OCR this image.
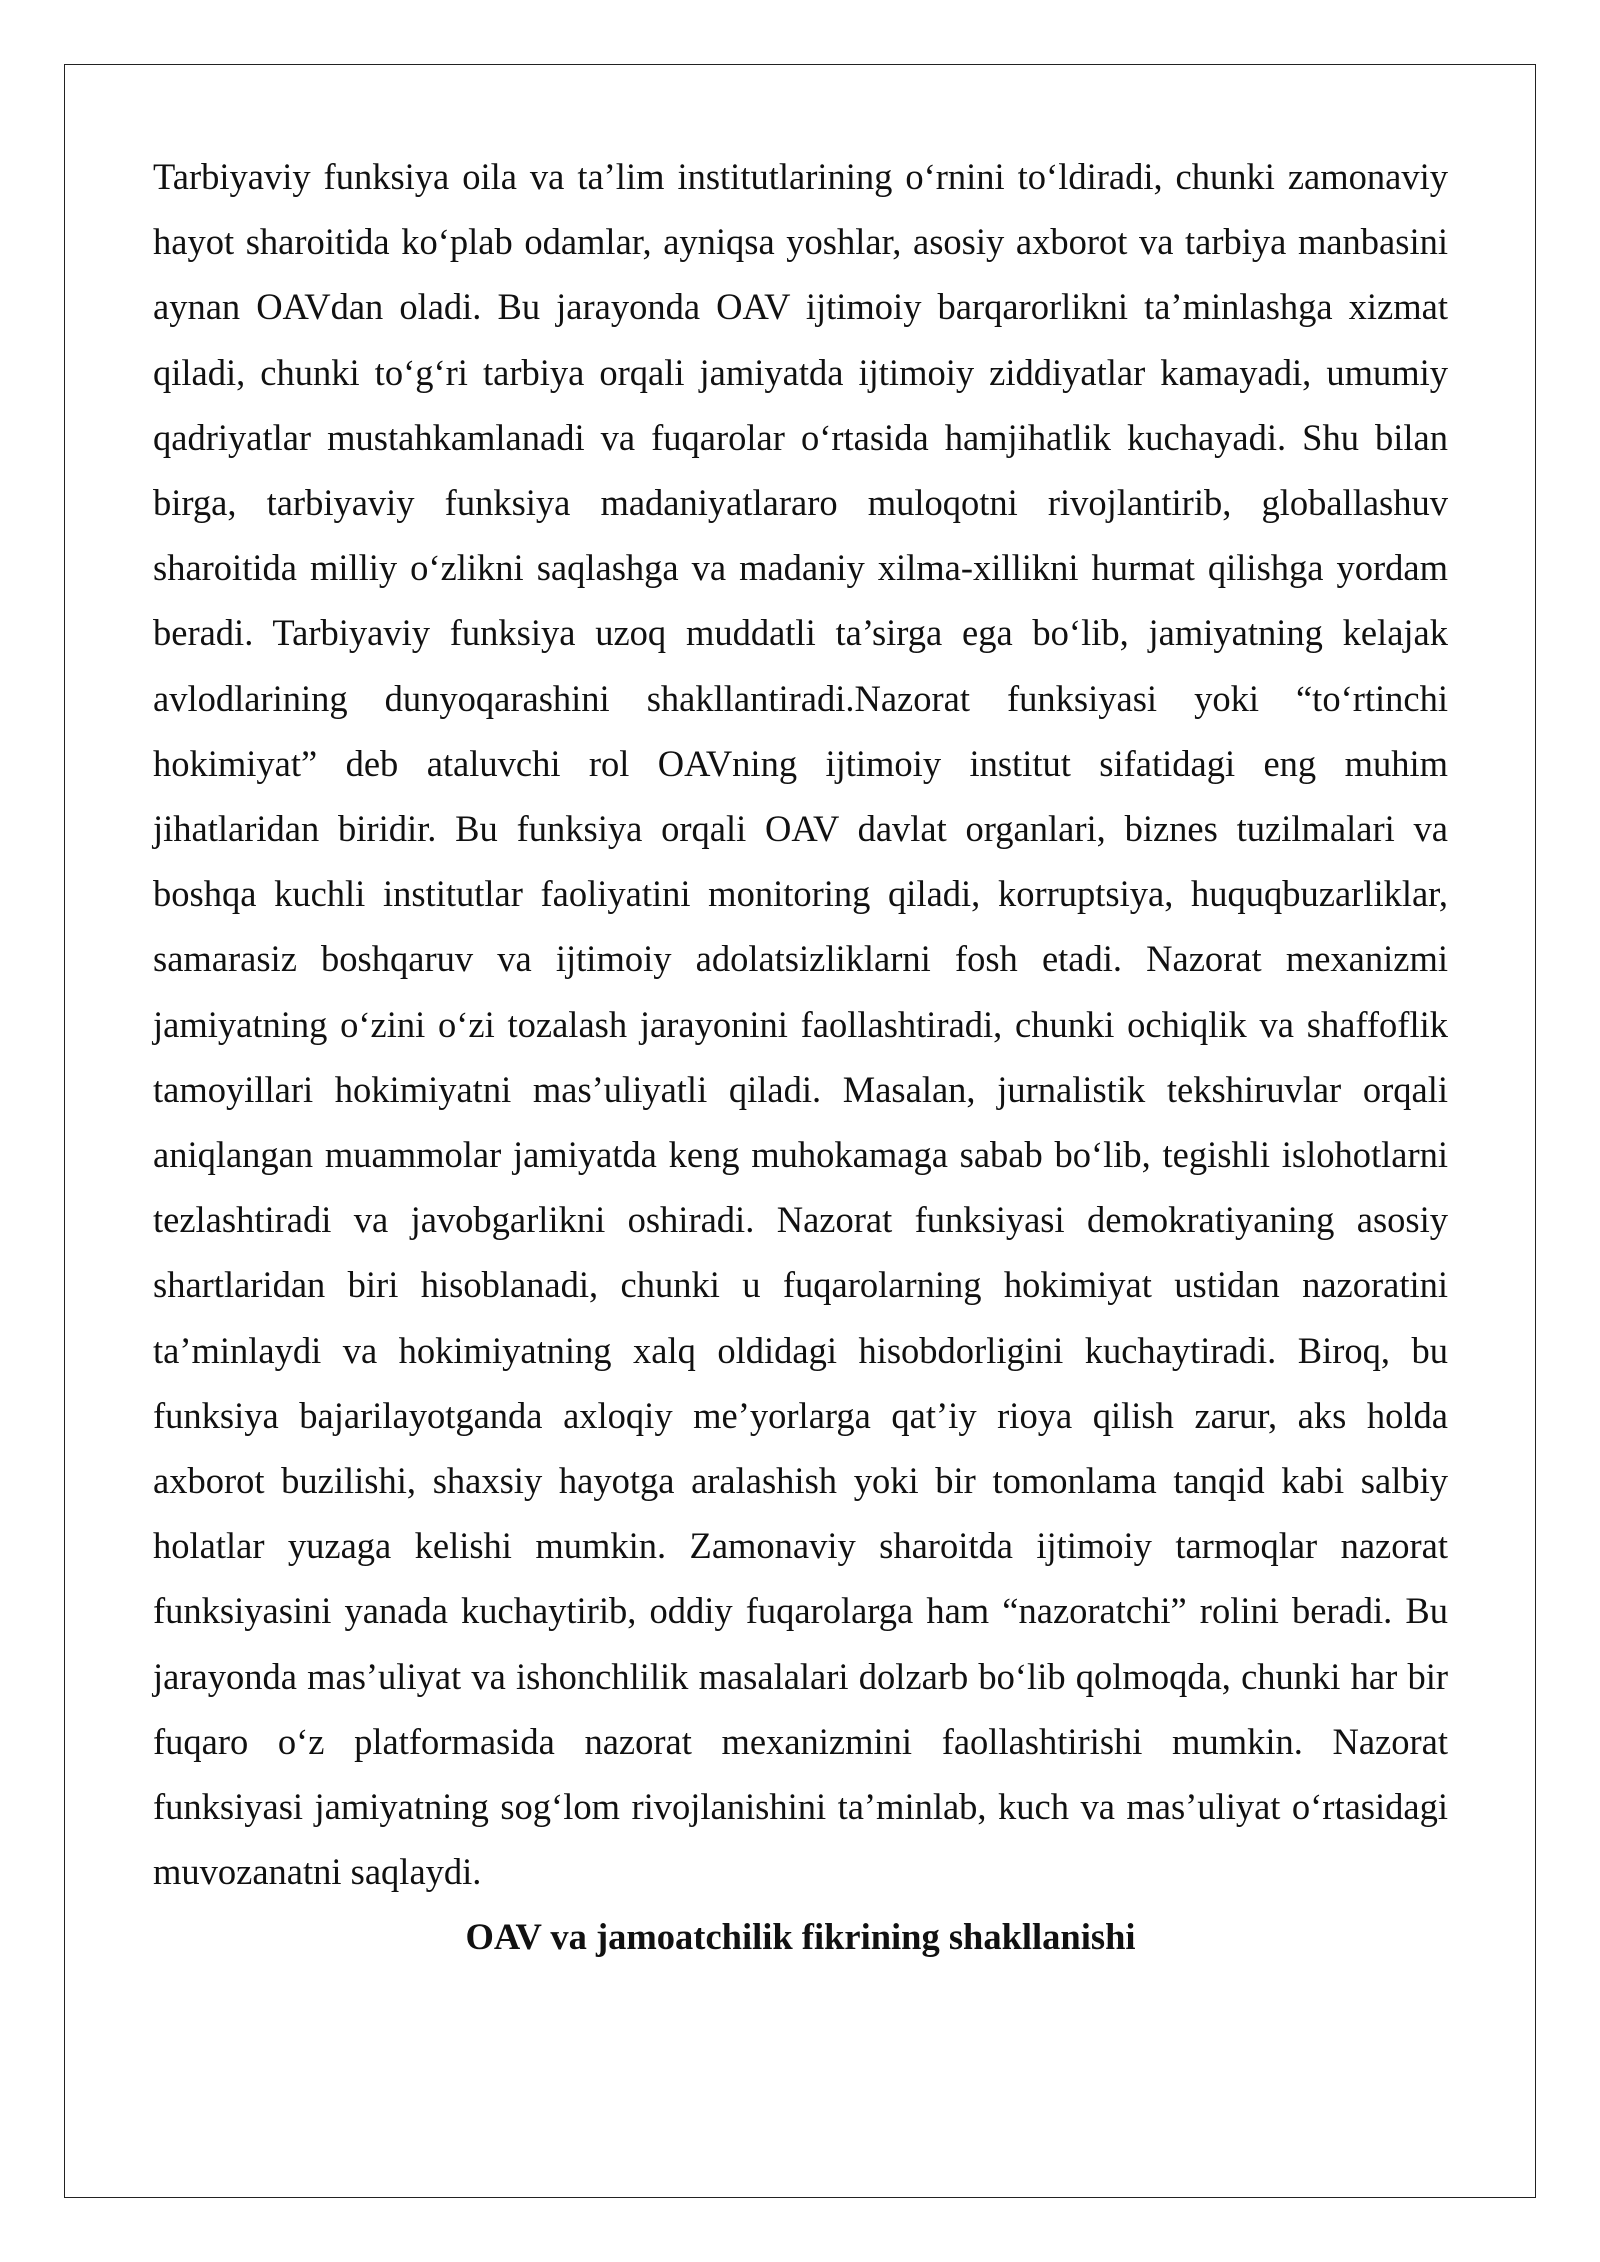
Tarbiyaviy funksiya oila va ta’lim institutlarining o‘rnini to‘ldiradi, chunki zamonaviy hayot sharoitida ko‘plab odamlar, ayniqsa yoshlar, asosiy axborot va tarbiya manbasini aynan OAVdan oladi. Bu jarayonda OAV ijtimoiy barqarorlikni ta’minlashga xizmat qiladi, chunki to‘g‘ri tarbiya orqali jamiyatda ijtimoiy ziddiyatlar kamayadi, umumiy qadriyatlar mustahkamlanadi va fuqarolar o‘rtasida hamjihatlik kuchayadi. Shu bilan birga, tarbiyaviy funksiya madaniyatlararo muloqotni rivojlantirib, globallashuv sharoitida milliy o‘zlikni saqlashga va madaniy xilma-xillikni hurmat qilishga yordam beradi. Tarbiyaviy funksiya uzoq muddatli ta’sirga ega bo‘lib, jamiyatning kelajak avlodlarining dunyoqarashini shakllantiradi.Nazorat funksiyasi yoki “to‘rtinchi hokimiyat” deb ataluvchi rol OAVning ijtimoiy institut sifatidagi eng muhim jihatlaridan biridir. Bu funksiya orqali OAV davlat organlari, biznes tuzilmalari va boshqa kuchli institutlar faoliyatini monitoring qiladi, korruptsiya, huquqbuzarliklar, samarasiz boshqaruv va ijtimoiy adolatsizliklarni fosh etadi. Nazorat mexanizmi jamiyatning o‘zini o‘zi tozalash jarayonini faollashtiradi, chunki ochiqlik va shaffoflik tamoyillari hokimiyatni mas’uliyatli qiladi. Masalan, jurnalistik tekshiruvlar orqali aniqlangan muammolar jamiyatda keng muhokamaga sabab bo‘lib, tegishli islohotlarni tezlashtiradi va javobgarlikni oshiradi. Nazorat funksiyasi demokratiyaning asosiy shartlaridan biri hisoblanadi, chunki u fuqarolarning hokimiyat ustidan nazoratini ta’minlaydi va hokimiyatning xalq oldidagi hisobdorligini kuchaytiradi. Biroq, bu funksiya bajarilayotganda axloqiy me’yorlarga qat’iy rioya qilish zarur, aks holda axborot buzilishi, shaxsiy hayotga aralashish yoki bir tomonlama tanqid kabi salbiy holatlar yuzaga kelishi mumkin. Zamonaviy sharoitda ijtimoiy tarmoqlar nazorat funksiyasini yanada kuchaytirib, oddiy fuqarolarga ham “nazoratchi” rolini beradi. Bu jarayonda mas’uliyat va ishonchlilik masalalari dolzarb bo‘lib qolmoqda, chunki har bir fuqaro o‘z platformasida nazorat mexanizmini faollashtirishi mumkin. Nazorat funksiyasi jamiyatning sog‘lom rivojlanishini ta’minlab, kuch va mas’uliyat o‘rtasidagi muvozanatni saqlaydi.

OAV va jamoatchilik fikrining shakllanishi
